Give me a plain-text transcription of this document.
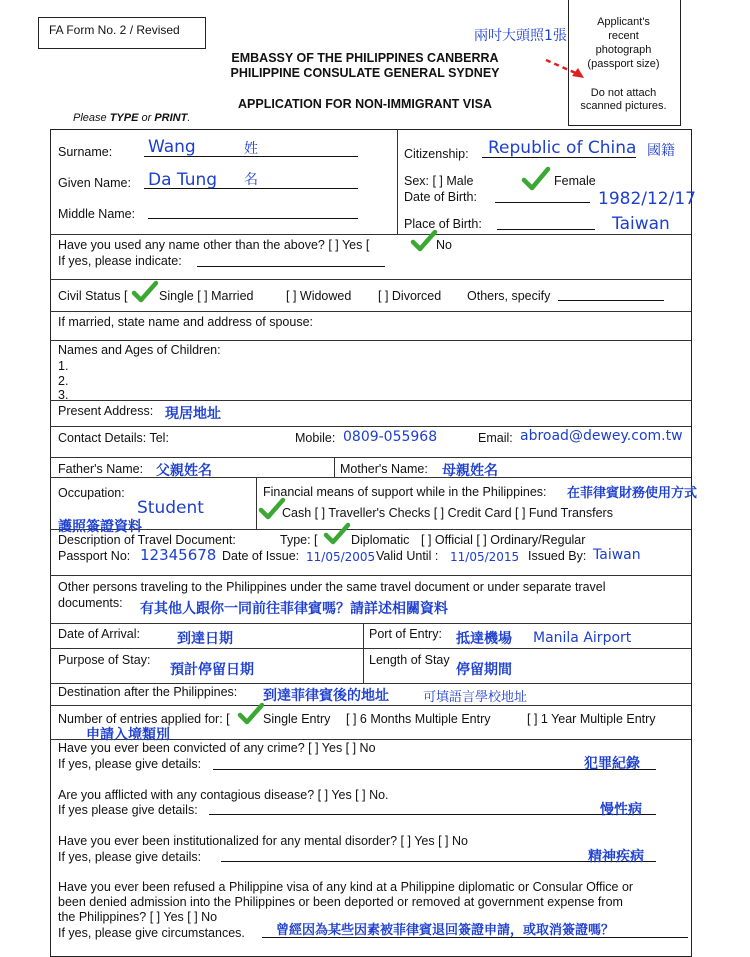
FA Form No. 2 / Revised
EMBASSY OF THE PHILIPPINES CANBERRA
PHILIPPINE CONSULATE GENERAL SYDNEY
APPLICATION FOR NON-IMMIGRANT VISA
Please TYPE or PRINT.
兩吋大頭照1張
Applicant's
recent
photograph
(passport size)
Do not attach
scanned pictures.
Surname: Wang	姓
Given Name: Da Tung 名
Middle Name:
Citizenship: Republic of China 國籍
Sex: [ ] Male	Female
Date of Birth:	1982/12/17
Place of Birth:	Taiwan
Have you used any name other than the above? [ ] Yes [	No
If yes, please indicate:
Civil Status [	Single [ ] Married	[ ] Widowed [ ] Divorced Others, specify
If married, state name and address of spouse:
Names and Ages of Children:
1.
2.
3.
Present Address: 現居地址
Contact Details: Tel:	Mobile: 0809-055968	Email: abroad@dewey.com.tw
Father's Name: 父親姓名	Mother's Name: 母親姓名
Occupation:
Student
Financial means of support while in the Philippines: 在菲律賓財務使用方式
Cash [ ] Traveller's Checks [ ] Credit Card [ ] Fund Transfers
護照簽證資料
Description of Travel Document:	Type: [	Diplomatic [ ] Official [ ] Ordinary/Regular
Passport No: 12345678 Date of Issue: 11/05/2005 Valid Until : 11/05/2015 Issued By: Taiwan
Other persons traveling to the Philippines under the same travel document or under separate travel
documents: 有其他人跟你一同前往菲律賓嗎？請詳述相關資料
Date of Arrival:	到達日期	Port of Entry: 抵達機場 Manila Airport
Purpose of Stay:
預計停留日期
Length of Stay
停留期間
Destination after the Philippines: 到達菲律賓後的地址	可填語言學校地址
Number of entries applied for: [	Single Entry [ ] 6 Months Multiple Entry	[ ] 1 Year Multiple Entry
申請入境類別
Have you ever been convicted of any crime? [ ] Yes [ ] No
If yes, please give details:	犯罪紀錄
Are you afflicted with any contagious disease? [ ] Yes [ ] No.
If yes please give details:	慢性病
Have you ever been institutionalized for any mental disorder? [ ] Yes [ ] No
If yes, please give details:	精神疾病
Have you ever been refused a Philippine visa of any kind at a Philippine diplomatic or Consular Office or
been denied admission into the Philippines or been deported or removed at government expense from
the Philippines? [ ] Yes [ ] No
If yes, please give circumstances. 曾經因為某些因素被菲律賓退回簽證申請，或取消簽證嗎？
